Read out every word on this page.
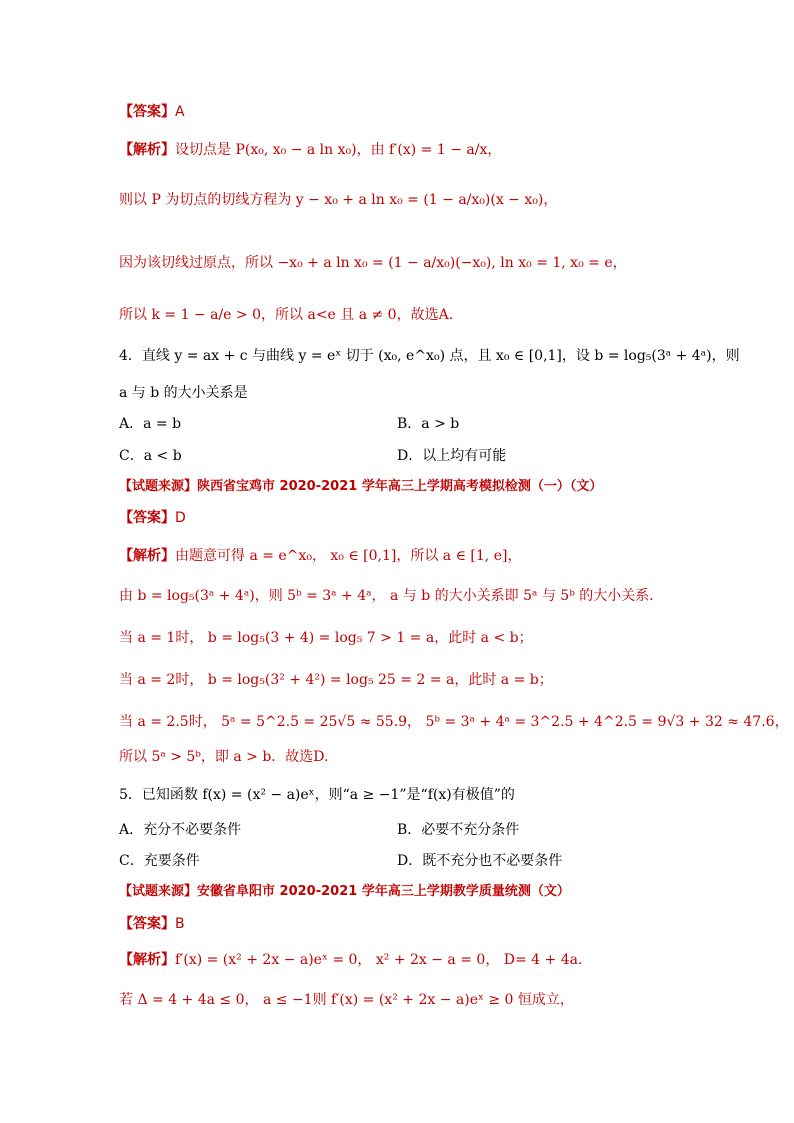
【答案】A
【解析】设切点是 P(x₀, x₀ − a ln x₀)，由 f′(x) = 1 − a/x，
则以 P 为切点的切线方程为 y − x₀ + a ln x₀ = (1 − a/x₀)(x − x₀)，
因为该切线过原点，所以 −x₀ + a ln x₀ = (1 − a/x₀)(−x₀), ln x₀ = 1, x₀ = e，
所以 k = 1 − a/e > 0，所以 a<e 且 a ≠ 0，故选A.
4．直线 y = ax + c 与曲线 y = eˣ 切于 (x₀, e^x₀) 点，且 x₀ ∈ [0,1]，设 b = log₅(3ᵃ + 4ᵃ)，则
a 与 b 的大小关系是
A．a = b	B．a > b
C．a < b	D．以上均有可能
【试题来源】陕西省宝鸡市 2020-2021 学年高三上学期高考模拟检测（一）（文）
【答案】D
【解析】由题意可得 a = e^x₀， x₀ ∈ [0,1]，所以 a ∈ [1, e]，
由 b = log₅(3ᵃ + 4ᵃ)，则 5ᵇ = 3ᵃ + 4ᵃ， a 与 b 的大小关系即 5ᵃ 与 5ᵇ 的大小关系．
当 a = 1时， b = log₅(3 + 4) = log₅ 7 > 1 = a，此时 a < b；
当 a = 2时， b = log₅(3² + 4²) = log₅ 25 = 2 = a，此时 a = b；
当 a = 2.5时， 5ᵃ = 5^2.5 = 25√5 ≈ 55.9， 5ᵇ = 3ᵃ + 4ᵃ = 3^2.5 + 4^2.5 = 9√3 + 32 ≈ 47.6，
所以 5ᵃ > 5ᵇ，即 a > b．故选D.
5．已知函数 f(x) = (x² − a)eˣ，则“a ≥ −1”是“f(x)有极值”的
A．充分不必要条件	B．必要不充分条件
C．充要条件	D．既不充分也不必要条件
【试题来源】安徽省阜阳市 2020-2021 学年高三上学期教学质量统测（文）
【答案】B
【解析】f′(x) = (x² + 2x − a)eˣ = 0， x² + 2x − a = 0， D= 4 + 4a．
若 Δ = 4 + 4a ≤ 0， a ≤ −1则 f′(x) = (x² + 2x − a)eˣ ≥ 0 恒成立，
